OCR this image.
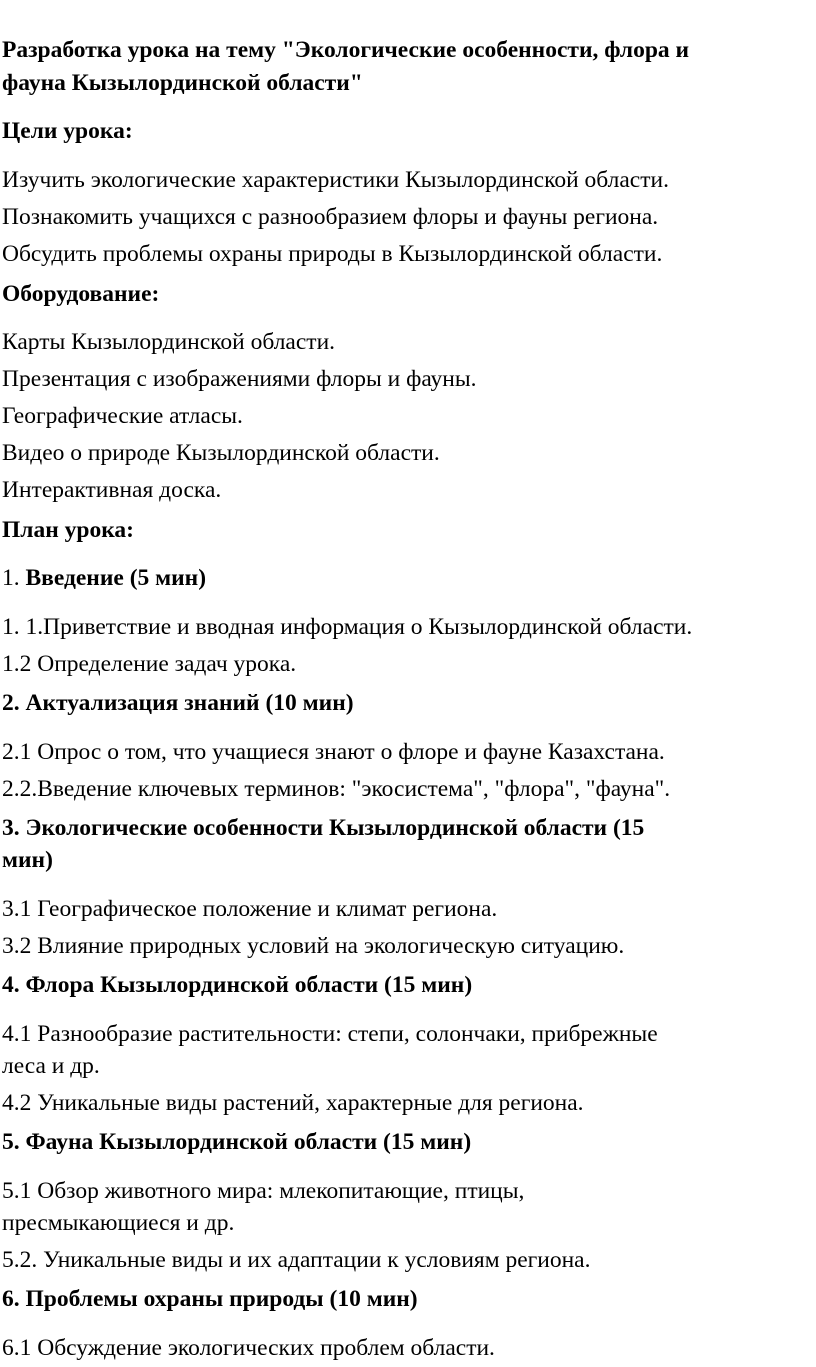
Разработка урока на тему "Экологические особенности, флора и
фауна Кызылординской области"
Цели урока:
Изучить экологические характеристики Кызылординской области.
Познакомить учащихся с разнообразием флоры и фауны региона.
Обсудить проблемы охраны природы в Кызылординской области.
Оборудование:
Карты Кызылординской области.
Презентация с изображениями флоры и фауны.
Географические атласы.
Видео о природе Кызылординской области.
Интерактивная доска.
План урока:
1. Введение (5 мин)
1. 1.Приветствие и вводная информация о Кызылординской области.
1.2 Определение задач урока.
2. Актуализация знаний (10 мин)
2.1 Опрос о том, что учащиеся знают о флоре и фауне Казахстана.
2.2.Введение ключевых терминов: "экосистема", "флора", "фауна".
3. Экологические особенности Кызылординской области (15
мин)
3.1 Географическое положение и климат региона.
3.2 Влияние природных условий на экологическую ситуацию.
4. Флора Кызылординской области (15 мин)
4.1 Разнообразие растительности: степи, солончаки, прибрежные
леса и др.
4.2 Уникальные виды растений, характерные для региона.
5. Фауна Кызылординской области (15 мин)
5.1 Обзор животного мира: млекопитающие, птицы,
пресмыкающиеся и др.
5.2. Уникальные виды и их адаптации к условиям региона.
6. Проблемы охраны природы (10 мин)
6.1 Обсуждение экологических проблем области.
